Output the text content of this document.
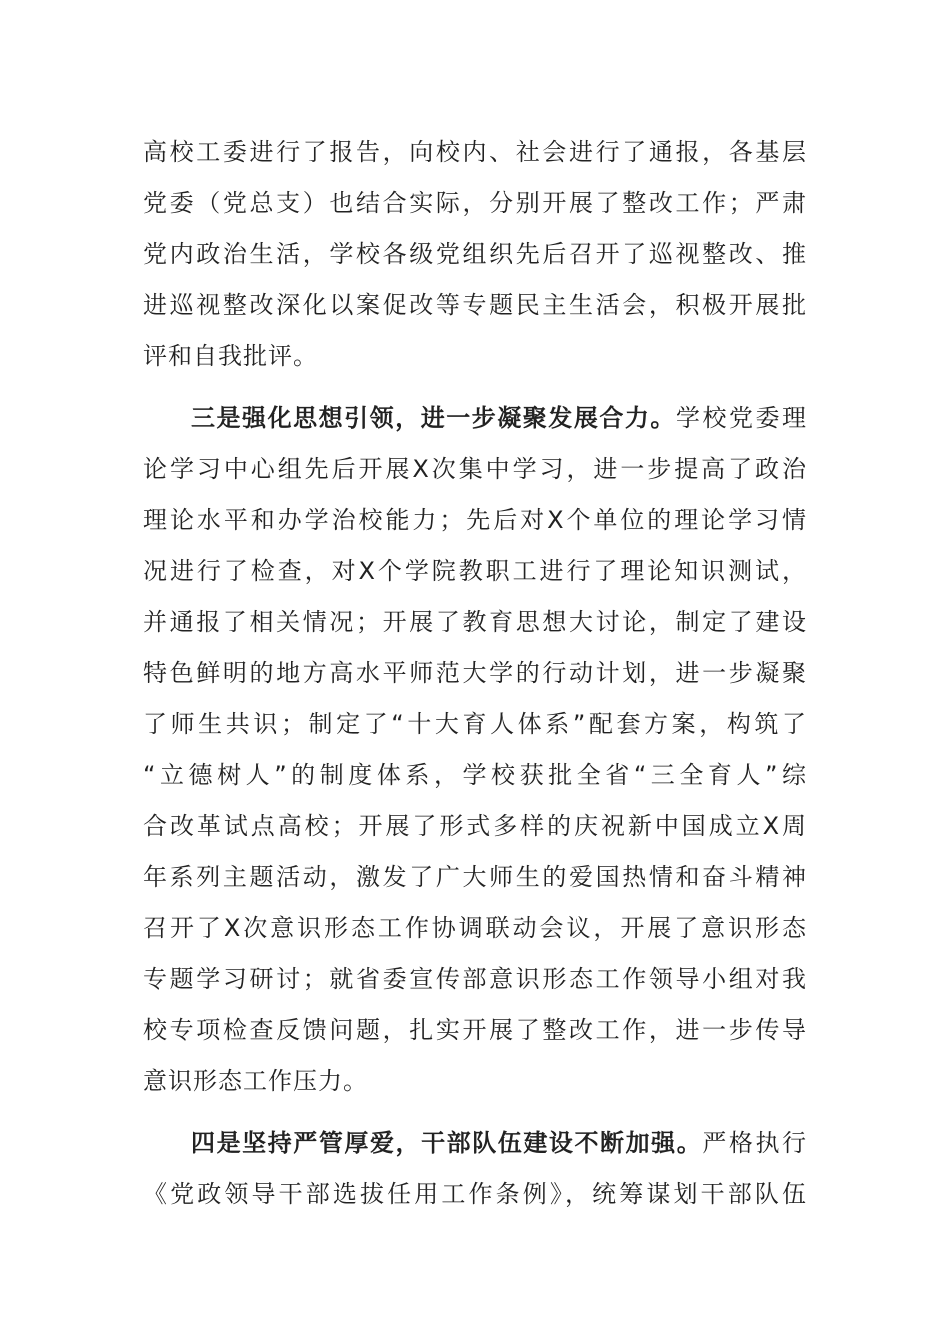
高校工委进行了报告，向校内、社会进行了通报，各基层
党委（党总支）也结合实际，分别开展了整改工作；严肃
党内政治生活，学校各级党组织先后召开了巡视整改、推
进巡视整改深化以案促改等专题民主生活会，积极开展批
评和自我批评。
三是强化思想引领，进一步凝聚发展合力。学校党委理
论学习中心组先后开展X次集中学习，进一步提高了政治
理论水平和办学治校能力；先后对X个单位的理论学习情
况进行了检查，对X个学院教职工进行了理论知识测试，
并通报了相关情况；开展了教育思想大讨论，制定了建设
特色鲜明的地方高水平师范大学的行动计划，进一步凝聚
了师生共识；制定了“十大育人体系”配套方案，构筑了
“立德树人”的制度体系，学校获批全省“三全育人”综
合改革试点高校；开展了形式多样的庆祝新中国成立X周
年系列主题活动，激发了广大师生的爱国热情和奋斗精神
召开了X次意识形态工作协调联动会议，开展了意识形态
专题学习研讨；就省委宣传部意识形态工作领导小组对我
校专项检查反馈问题，扎实开展了整改工作，进一步传导
意识形态工作压力。
四是坚持严管厚爱，干部队伍建设不断加强。严格执行
《党政领导干部选拔任用工作条例》，统筹谋划干部队伍
